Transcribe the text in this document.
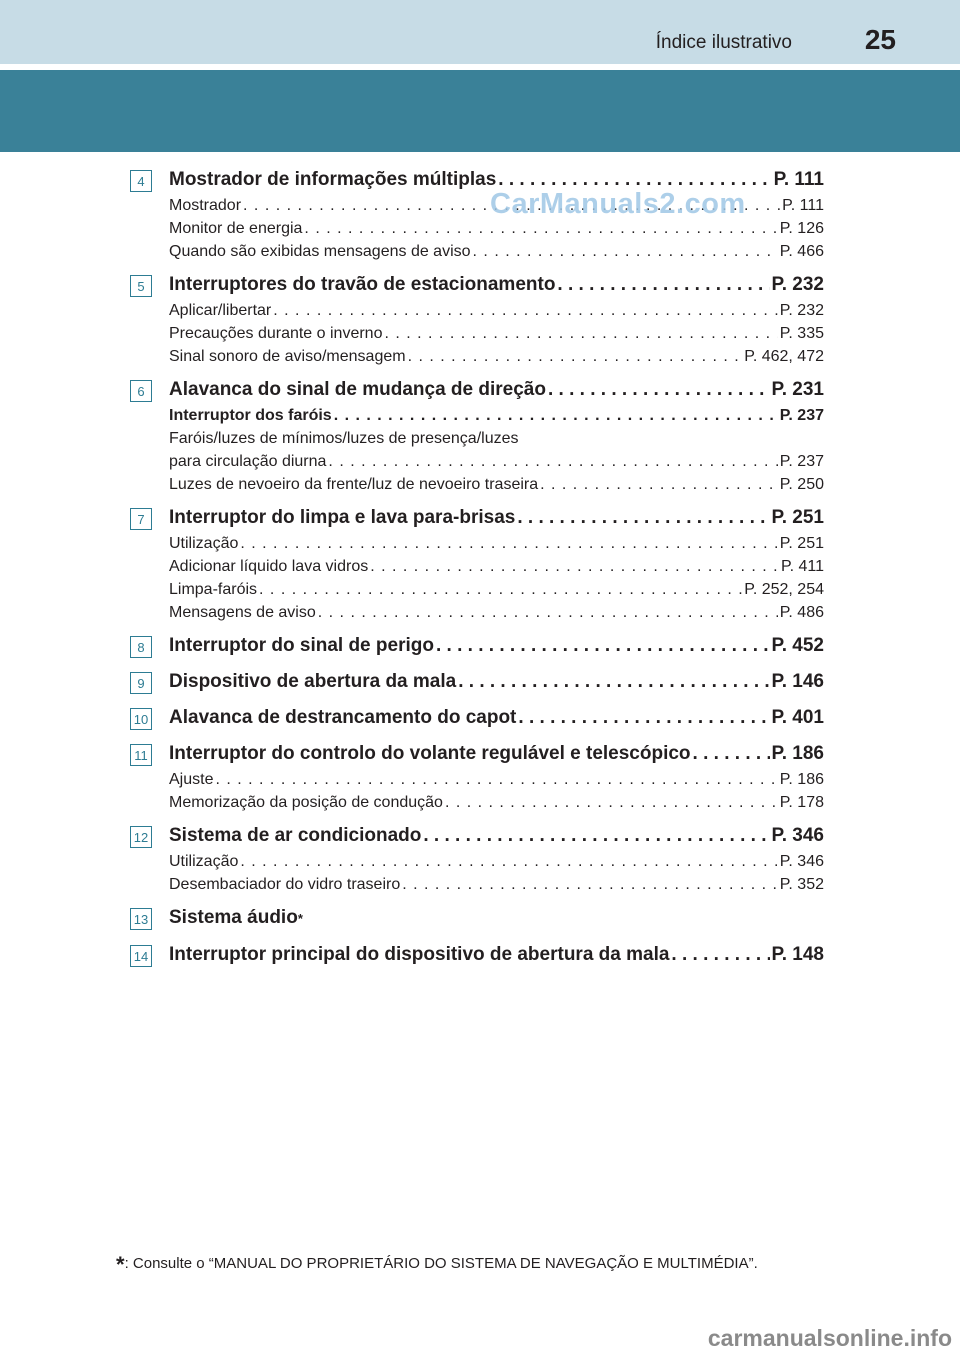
Índice ilustrativo	25
4	Mostrador de informações múltiplas . . .	P. 111
Mostrador . . .	P. 111
Monitor de energia . . .	P. 126
Quando são exibidas mensagens de aviso . . .	P. 466
5	Interruptores do travão de estacionamento . . .	P. 232
Aplicar/libertar . . .	P. 232
Precauções durante o inverno . . .	P. 335
Sinal sonoro de aviso/mensagem . . .	P. 462, 472
6	Alavanca do sinal de mudança de direção . . .	P. 231
Interruptor dos faróis . . .	P. 237
Faróis/luzes de mínimos/luzes de presença/luzes
para circulação diurna . . .	P. 237
Luzes de nevoeiro da frente/luz de nevoeiro traseira . . .	P. 250
7	Interruptor do limpa e lava para-brisas . . .	P. 251
Utilização . . .	P. 251
Adicionar líquido lava vidros . . .	P. 411
Limpa-faróis . . .	P. 252, 254
Mensagens de aviso . . .	P. 486
8	Interruptor do sinal de perigo . . .	P. 452
9	Dispositivo de abertura da mala . . .	P. 146
10 Alavanca de destrancamento do capot . . .	P. 401
11 Interruptor do controlo do volante regulável e telescópico . . .	P. 186
Ajuste . . .	P. 186
Memorização da posição de condução . . .	P. 178
12 Sistema de ar condicionado . . .	P. 346
Utilização . . .	P. 346
Desembaciador do vidro traseiro . . .	P. 352
13 Sistema áudio *
14 Interruptor principal do dispositivo de abertura da mala . . .	P. 148
CarManuals2.com
*: Consulte o “MANUAL DO PROPRIETÁRIO DO SISTEMA DE NAVEGAÇÃO E MULTIMÉDIA”.
carmanualsonline.info
